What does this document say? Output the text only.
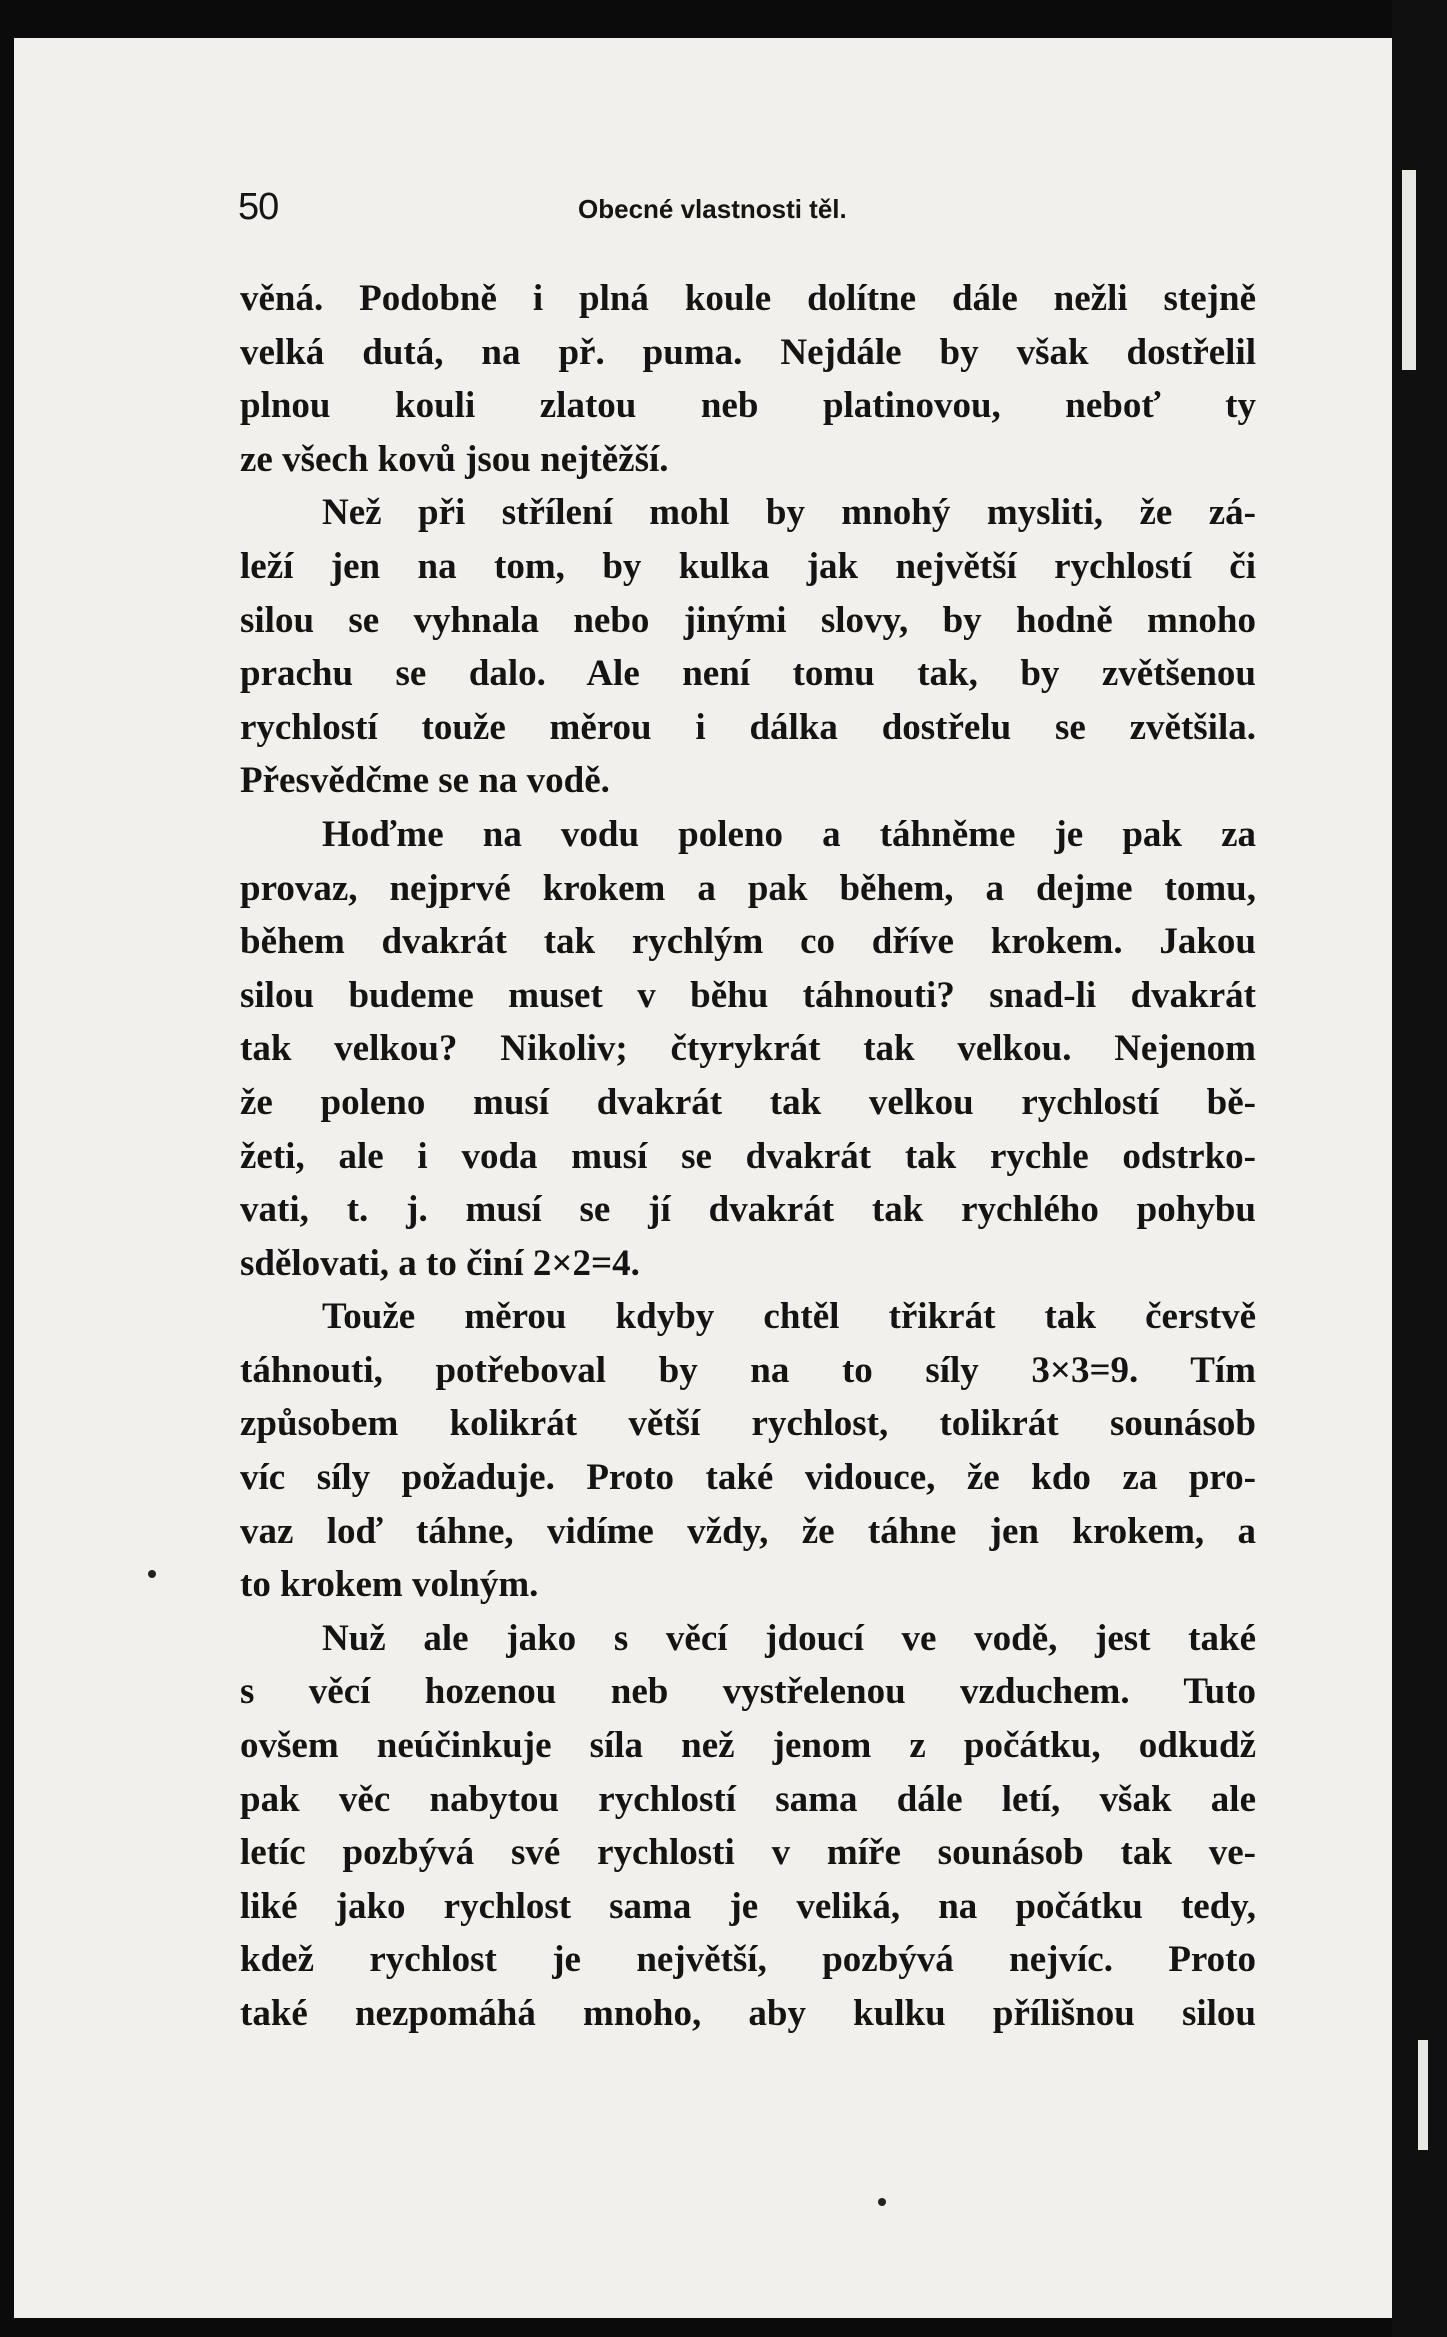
50	Obecné vlastnosti těl.
věná. Podobně i plná koule dolítne dále nežli stejně
velká dutá, na př. puma. Nejdále by však dostřelil
plnou kouli zlatou neb platinovou, neboť ty
ze všech kovů jsou nejtěžší.
Než při střílení mohl by mnohý mysliti, že zá-
leží jen na tom, by kulka jak největší rychlostí či
silou se vyhnala nebo jinými slovy, by hodně mnoho
prachu se dalo. Ale není tomu tak, by zvětšenou
rychlostí touže měrou i dálka dostřelu se zvětšila.
Přesvědčme se na vodě.
Hoďme na vodu poleno a táhněme je pak za
provaz, nejprvé krokem a pak během, a dejme tomu,
během dvakrát tak rychlým co dříve krokem. Jakou
silou budeme muset v běhu táhnouti? snad-li dvakrát
tak velkou? Nikoliv; čtyrykrát tak velkou. Nejenom
že poleno musí dvakrát tak velkou rychlostí bě-
žeti, ale i voda musí se dvakrát tak rychle odstrko-
vati, t. j. musí se jí dvakrát tak rychlého pohybu
sdělovati, a to činí 2×2=4.
Touže měrou kdyby chtěl třikrát tak čerstvě
táhnouti, potřeboval by na to síly 3×3=9. Tím
způsobem kolikrát větší rychlost, tolikrát sounásob
víc síly požaduje. Proto také vidouce, že kdo za pro-
vaz loď táhne, vidíme vždy, že táhne jen krokem, a
to krokem volným.
Nuž ale jako s věcí jdoucí ve vodě, jest také
s věcí hozenou neb vystřelenou vzduchem. Tuto
ovšem neúčinkuje síla než jenom z počátku, odkudž
pak věc nabytou rychlostí sama dále letí, však ale
letíc pozbývá své rychlosti v míře sounásob tak ve-
liké jako rychlost sama je veliká, na počátku tedy,
kdež rychlost je největší, pozbývá nejvíc. Proto
také nezpomáhá mnoho, aby kulku přílišnou silou
